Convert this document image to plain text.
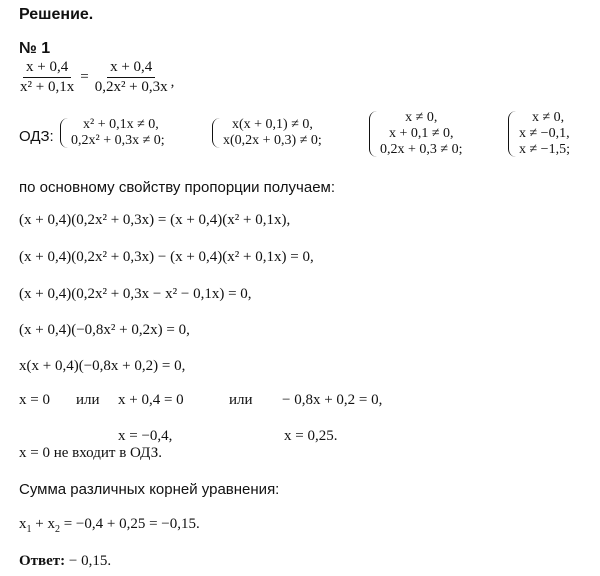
Решение.
№ 1
$\frac{x + 0,4}{\text{x² + 0,1x}} = \frac{x + 0,4}{\text{0,2x² + 0,3x}}$ ,
ОДЗ:
x² + 0,1x ≠ 0,
0,2x² + 0,3x ≠ 0;
x(x + 0,1) ≠ 0,
x(0,2x + 0,3) ≠ 0;
x ≠ 0,
x + 0,1 ≠ 0,
0,2x + 0,3 ≠ 0;
x ≠ 0,
x ≠ −0,1,
x ≠ −1,5;
по основному свойству пропорции получаем:
(x + 0,4)(0,2x² + 0,3x) = (x + 0,4)(x² + 0,1x),
(x + 0,4)(0,2x² + 0,3x) − (x + 0,4)(x² + 0,1x) = 0,
(x + 0,4)(0,2x² + 0,3x − x² − 0,1x) = 0,
(x + 0,4)(−0,8x² + 0,2x) = 0,
x(x + 0,4)(−0,8x + 0,2) = 0,
x = 0 или x + 0,4 = 0	или − 0,8x + 0,2 = 0,
x = −0,4,	x = 0,25.
x = 0 не входит в ОДЗ.
Сумма различных корней уравнения:
$x_1 + x_2 = -0,4 + 0,25 = -0,15$.
Ответ: − 0,15.
